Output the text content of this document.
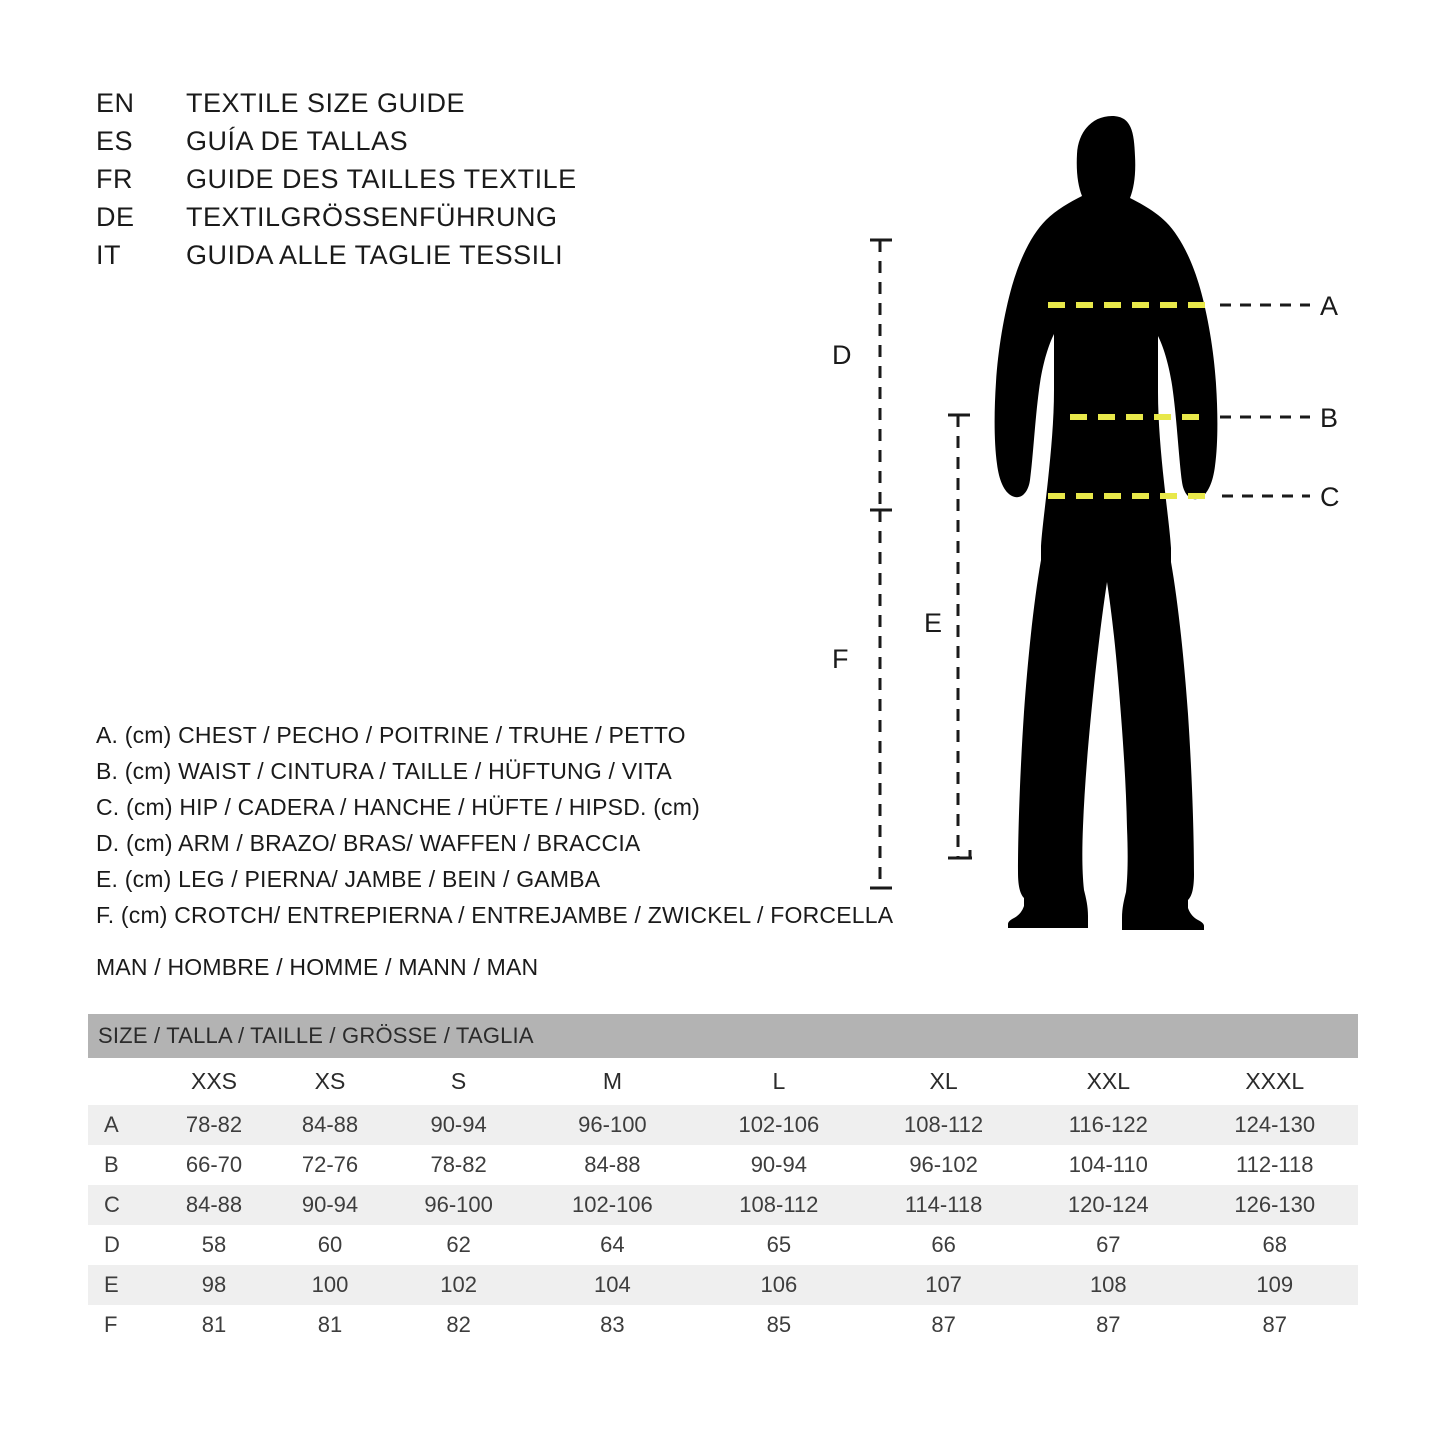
EN	TEXTILE SIZE GUIDE
ES	GUÍA DE TALLAS
FR	GUIDE DES TAILLES TEXTILE
DE	TEXTILGRÖSSENFÜHRUNG
IT	GUIDA ALLE TAGLIE TESSILI
A. (cm) CHEST / PECHO / POITRINE / TRUHE / PETTO
B. (cm) WAIST / CINTURA / TAILLE / HÜFTUNG / VITA
C. (cm) HIP / CADERA / HANCHE / HÜFTE / HIPSD. (cm)
D. (cm) ARM / BRAZO/ BRAS/ WAFFEN / BRACCIA
E. (cm) LEG / PIERNA/ JAMBE / BEIN / GAMBA
F. (cm) CROTCH/ ENTREPIERNA / ENTREJAMBE / ZWICKEL / FORCELLA
MAN / HOMBRE / HOMME / MANN / MAN
A
B
C
D
E
F
SIZE / TALLA / TAILLE / GRÖSSE / TAGLIA								
	XXS	XS	S	M	L	XL	XXL	XXXL
A	78-82	84-88	90-94	96-100	102-106	108-112	116-122	124-130
B	66-70	72-76	78-82	84-88	90-94	96-102	104-110	112-118
C	84-88	90-94	96-100	102-106	108-112	114-118	120-124	126-130
D	58	60	62	64	65	66	67	68
E	98	100	102	104	106	107	108	109
F	81	81	82	83	85	87	87	87
